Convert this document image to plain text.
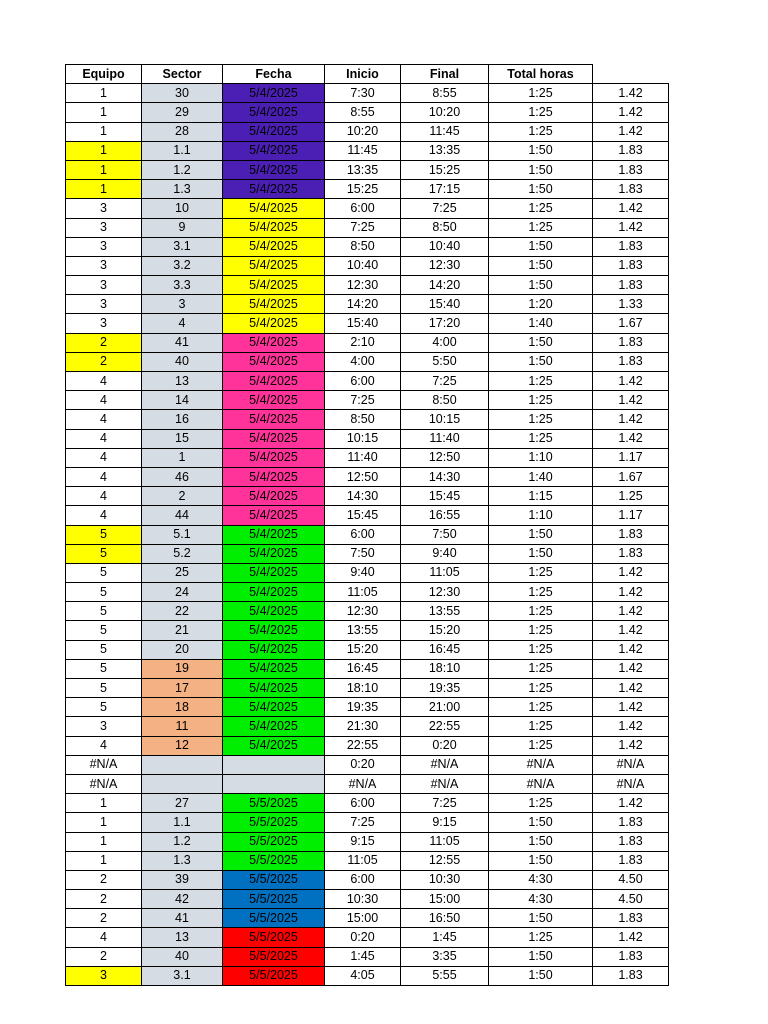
Equipo	Sector	Fecha	Inicio	Final	Total horas	
1	30	5/4/2025	7:30	8:55	1:25	1.42
1	29	5/4/2025	8:55	10:20	1:25	1.42
1	28	5/4/2025	10:20	11:45	1:25	1.42
1	1.1	5/4/2025	11:45	13:35	1:50	1.83
1	1.2	5/4/2025	13:35	15:25	1:50	1.83
1	1.3	5/4/2025	15:25	17:15	1:50	1.83
3	10	5/4/2025	6:00	7:25	1:25	1.42
3	9	5/4/2025	7:25	8:50	1:25	1.42
3	3.1	5/4/2025	8:50	10:40	1:50	1.83
3	3.2	5/4/2025	10:40	12:30	1:50	1.83
3	3.3	5/4/2025	12:30	14:20	1:50	1.83
3	3	5/4/2025	14:20	15:40	1:20	1.33
3	4	5/4/2025	15:40	17:20	1:40	1.67
2	41	5/4/2025	2:10	4:00	1:50	1.83
2	40	5/4/2025	4:00	5:50	1:50	1.83
4	13	5/4/2025	6:00	7:25	1:25	1.42
4	14	5/4/2025	7:25	8:50	1:25	1.42
4	16	5/4/2025	8:50	10:15	1:25	1.42
4	15	5/4/2025	10:15	11:40	1:25	1.42
4	1	5/4/2025	11:40	12:50	1:10	1.17
4	46	5/4/2025	12:50	14:30	1:40	1.67
4	2	5/4/2025	14:30	15:45	1:15	1.25
4	44	5/4/2025	15:45	16:55	1:10	1.17
5	5.1	5/4/2025	6:00	7:50	1:50	1.83
5	5.2	5/4/2025	7:50	9:40	1:50	1.83
5	25	5/4/2025	9:40	11:05	1:25	1.42
5	24	5/4/2025	11:05	12:30	1:25	1.42
5	22	5/4/2025	12:30	13:55	1:25	1.42
5	21	5/4/2025	13:55	15:20	1:25	1.42
5	20	5/4/2025	15:20	16:45	1:25	1.42
5	19	5/4/2025	16:45	18:10	1:25	1.42
5	17	5/4/2025	18:10	19:35	1:25	1.42
5	18	5/4/2025	19:35	21:00	1:25	1.42
3	11	5/4/2025	21:30	22:55	1:25	1.42
4	12	5/4/2025	22:55	0:20	1:25	1.42
#N/A			0:20	#N/A	#N/A	#N/A
#N/A			#N/A	#N/A	#N/A	#N/A
1	27	5/5/2025	6:00	7:25	1:25	1.42
1	1.1	5/5/2025	7:25	9:15	1:50	1.83
1	1.2	5/5/2025	9:15	11:05	1:50	1.83
1	1.3	5/5/2025	11:05	12:55	1:50	1.83
2	39	5/5/2025	6:00	10:30	4:30	4.50
2	42	5/5/2025	10:30	15:00	4:30	4.50
2	41	5/5/2025	15:00	16:50	1:50	1.83
4	13	5/5/2025	0:20	1:45	1:25	1.42
2	40	5/5/2025	1:45	3:35	1:50	1.83
3	3.1	5/5/2025	4:05	5:55	1:50	1.83
